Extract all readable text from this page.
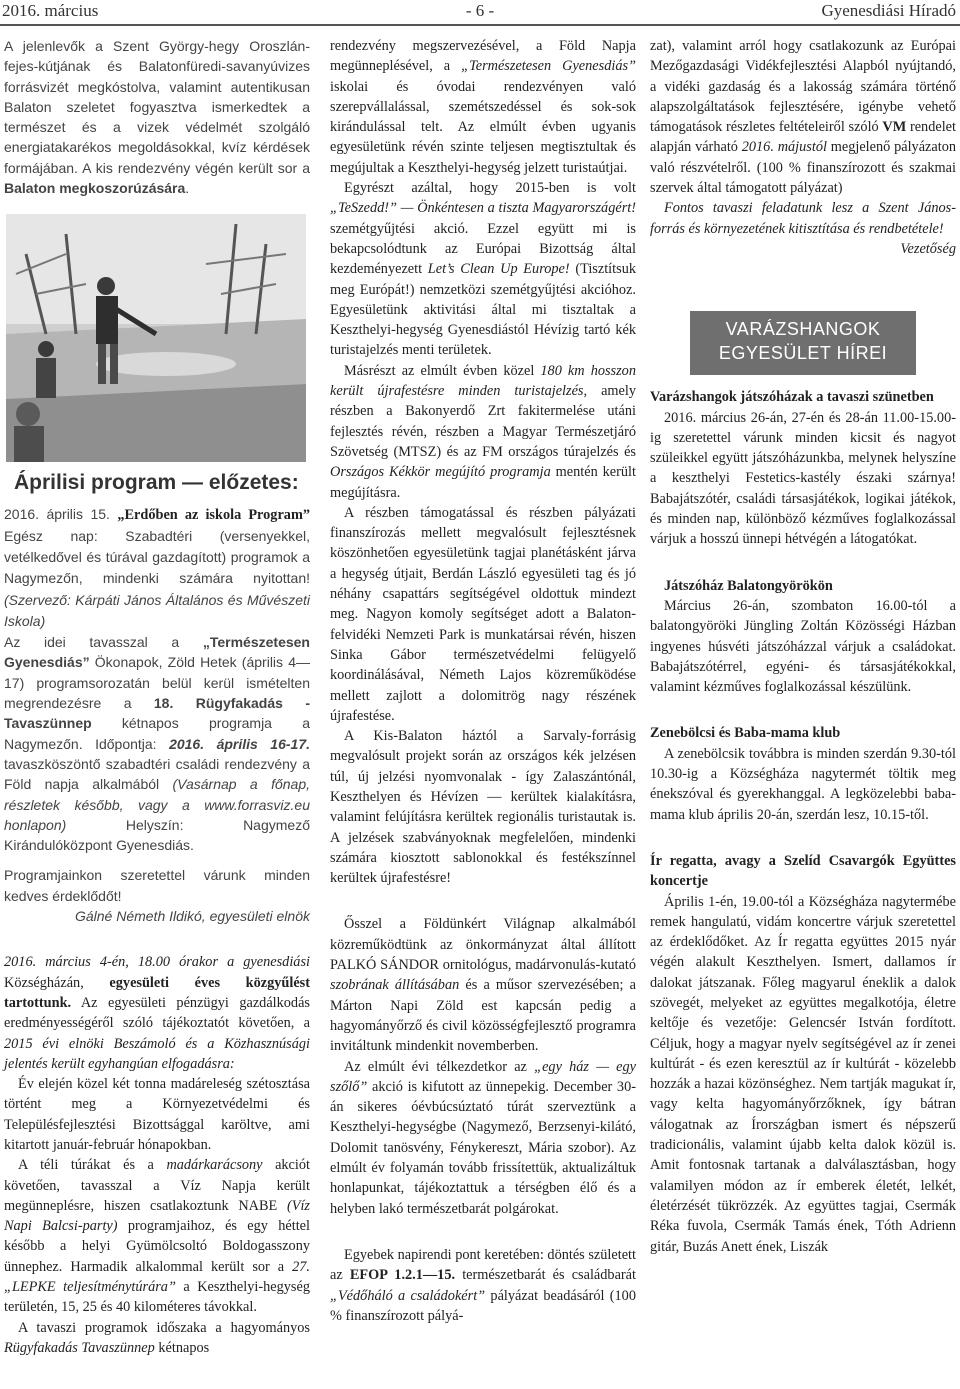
2016. március	- 6 -	Gyenesdiási Híradó

A jelenlevők a Szent György-hegy Oroszlán-fejes-kútjának és Balatonfüredi-savanyúvizes forrásvizét megkóstolva, valamint autentikusan Balaton szeletet fogyasztva ismerkedtek a természet és a vizek védelmét szolgáló energiatakarékos megoldásokkal, kvíz kérdések formájában. A kis rendezvény végén került sor a Balaton megkoszorúzására.

Áprilisi program — előzetes:

2016. április 15. „Erdőben az iskola Program” Egész nap: Szabadtéri (versenyekkel, vetélkedővel és túrával gazdagított) programok a Nagymezőn, mindenki számára nyitottan! (Szervező: Kárpáti János Általános és Művészeti Iskola)

Az idei tavasszal a „Természetesen Gyenesdiás” Ökonapok, Zöld Hetek (április 4—17) programsorozatán belül kerül ismételten megrendezésre a 18. Rügyfakadás - Tavaszünnep kétnapos programja a Nagymezőn. Időpontja: 2016. április 16-17. tavaszköszöntő szabadtéri családi rendezvény a Föld napja alkalmából (Vasárnap a főnap, részletek később, vagy a www.forrasviz.eu honlapon) Helyszín: Nagymező Kirándulóközpont Gyenesdiás.

Programjainkon szeretettel várunk minden kedves érdeklődőt!

Gálné Németh Ildikó, egyesületi elnök

2016. március 4-én, 18.00 órakor a gyenesdiási Községházán, egyesületi éves közgyűlést tartottunk. Az egyesületi pénzügyi gazdálkodás eredményességéről szóló tájékoztatót követően, a 2015 évi elnöki Beszámoló és a Közhasznúsági jelentés került egyhangúan elfogadásra:

Év elején közel két tonna madáreleség szétosztása történt meg a Környezetvédelmi és Településfejlesztési Bizottsággal karöltve, ami kitartott január-február hónapokban.

A téli túrákat és a madárkarácsony akciót követően, tavasszal a Víz Napja került megünneplésre, hiszen csatlakoztunk NABE (Víz Napi Balcsi-party) programjaihoz, és egy héttel később a helyi Gyümölcsoltó Boldogasszony ünnephez. Harmadik alkalommal került sor a 27. „LEPKE teljesítménytúrára” a Keszthelyi-hegység területén, 15, 25 és 40 kilométeres távokkal.

A tavaszi programok időszaka a hagyományos Rügyfakadás Tavaszünnep kétnapos

rendezvény megszervezésével, a Föld Napja megünneplésével, a „Természetesen Gyenesdiás” iskolai és óvodai rendezvényen való szerepvállalással, szemétszedéssel és sok-sok kirándulással telt. Az elmúlt évben ugyanis egyesületünk révén szinte teljesen megtisztultak és megújultak a Keszthelyi-hegység jelzett turistaútjai.

Egyrészt azáltal, hogy 2015-ben is volt „TeSzedd!” — Önkéntesen a tiszta Magyarországért! szemétgyűjtési akció. Ezzel együtt mi is bekapcsolódtunk az Európai Bizottság által kezdeményezett Let’s Clean Up Europe! (Tisztítsuk meg Európát!) nemzetközi szemétgyűjtési akcióhoz. Egyesületünk aktivitási által mi tisztaltak a Keszthelyi-hegység Gyenesdiástól Hévízig tartó kék turistajelzés menti területek.

Másrészt az elmúlt évben közel 180 km hosszon került újrafestésre minden turistajelzés, amely részben a Bakonyerdő Zrt fakitermelése utáni fejlesztés révén, részben a Magyar Természetjáró Szövetség (MTSZ) és az FM országos túrajelzés és Országos Kékkör megújító programja mentén került megújításra.

A részben támogatással és részben pályázati finanszírozás mellett megvalósult fejlesztésnek köszönhetően egyesületünk tagjai planétásként járva a hegység útjait, Berdán László egyesületi tag és jó néhány csapattárs segítségével oldottuk mindezt meg. Nagyon komoly segítséget adott a Balaton-felvidéki Nemzeti Park is munkatársai révén, hiszen Sinka Gábor természetvédelmi felügyelő koordinálásával, Németh Lajos közreműködése mellett zajlott a dolomitrög nagy részének újrafestése.

A Kis-Balaton háztól a Sarvaly-forrásig megvalósult projekt során az országos kék jelzésen túl, új jelzési nyomvonalak - így Zalaszántónál, Keszthelyen és Hévízen — kerültek kialakításra, valamint felújításra kerültek regionális turistautak is. A jelzések szabványoknak megfelelően, mindenki számára kiosztott sablonokkal és festékszínnel kerültek újrafestésre!

Ősszel a Földünkért Világnap alkalmából közreműködtünk az önkormányzat által állított PALKÓ SÁNDOR ornitológus, madárvonulás-kutató szobrának állításában és a műsor szervezésében; a Márton Napi Zöld est kapcsán pedig a hagyományőrző és civil közösségfejlesztő programra invitáltunk mindenkit novemberben.

Az elmúlt évi télkezdetkor az „egy ház — egy szőlő” akció is kifutott az ünnepekig. December 30-án sikeres óévbúcsúztató túrát szerveztünk a Keszthelyi-hegységbe (Nagymező, Berzsenyi-kilátó, Dolomit tanösvény, Fénykereszt, Mária szobor). Az elmúlt év folyamán tovább frissítettük, aktualizáltuk honlapunkat, tájékoztattuk a térségben élő és a helyben lakó természetbarát polgárokat.

Egyebek napirendi pont keretében: döntés született az EFOP 1.2.1—15. természetbarát és családbarát „Védőháló a családokért” pályázat beadásáról (100 % finanszírozott pályá-

zat), valamint arról hogy csatlakozunk az Európai Mezőgazdasági Vidékfejlesztési Alapból nyújtandó, a vidéki gazdaság és a lakosság számára történő alapszolgáltatások fejlesztésére, igénybe vehető támogatások részletes feltételeiről szóló VM rendelet alapján várható 2016. májustól megjelenő pályázaton való részvételről. (100 % finanszírozott és szakmai szervek által támogatott pályázat)

Fontos tavaszi feladatunk lesz a Szent János-forrás és környezetének kitisztítása és rendbetétele!

Vezetőség

VARÁZSHANGOK
EGYESÜLET HÍREI

Varázshangok játszóházak a tavaszi szünetben

2016. március 26-án, 27-én és 28-án 11.00-15.00-ig szeretettel várunk minden kicsit és nagyot szüleikkel együtt játszóházunkba, melynek helyszíne a keszthelyi Festetics-kastély északi szárnya! Babajátszótér, családi társasjátékok, logikai játékok, és minden nap, különböző kézműves foglalkozással várjuk a hosszú ünnepi hétvégén a látogatókat.

Játszóház Balatongyörökön

Március 26-án, szombaton 16.00-tól a balatongyöröki Jüngling Zoltán Közösségi Házban ingyenes húsvéti játszóházzal várjuk a családokat. Babajátszótérrel, egyéni- és társasjátékokkal, valamint kézműves foglalkozással készülünk.

Zenebölcsi és Baba-mama klub

A zenebölcsik továbbra is minden szerdán 9.30-tól 10.30-ig a Községháza nagytermét töltik meg énekszóval és gyerekhanggal. A legközelebbi baba-mama klub április 20-án, szerdán lesz, 10.15-től.

Ír regatta, avagy a Szelíd Csavargók Együttes koncertje

Április 1-én, 19.00-tól a Községháza nagytermébe remek hangulatú, vidám koncertre várjuk szeretettel az érdeklődőket. Az Ír regatta együttes 2015 nyár végén alakult Keszthelyen. Ismert, dallamos ír dalokat játszanak. Főleg magyarul éneklik a dalok szövegét, melyeket az együttes megalkotója, életre keltője és vezetője: Gelencsér István fordított. Céljuk, hogy a magyar nyelv segítségével az ír zenei kultúrát - és ezen keresztül az ír kultúrát - közelebb hozzák a hazai közönséghez. Nem tartják magukat ír, vagy kelta hagyományőrzőknek, így bátran válogatnak az Írországban ismert és népszerű tradicionális, valamint újabb kelta dalok közül is. Amit fontosnak tartanak a dalválasztásban, hogy valamilyen módon az ír emberek életét, lelkét, életérzését tükrözzék. Az együttes tagjai, Csermák Réka fuvola, Csermák Tamás ének, Tóth Adrienn gitár, Buzás Anett ének, Liszák
